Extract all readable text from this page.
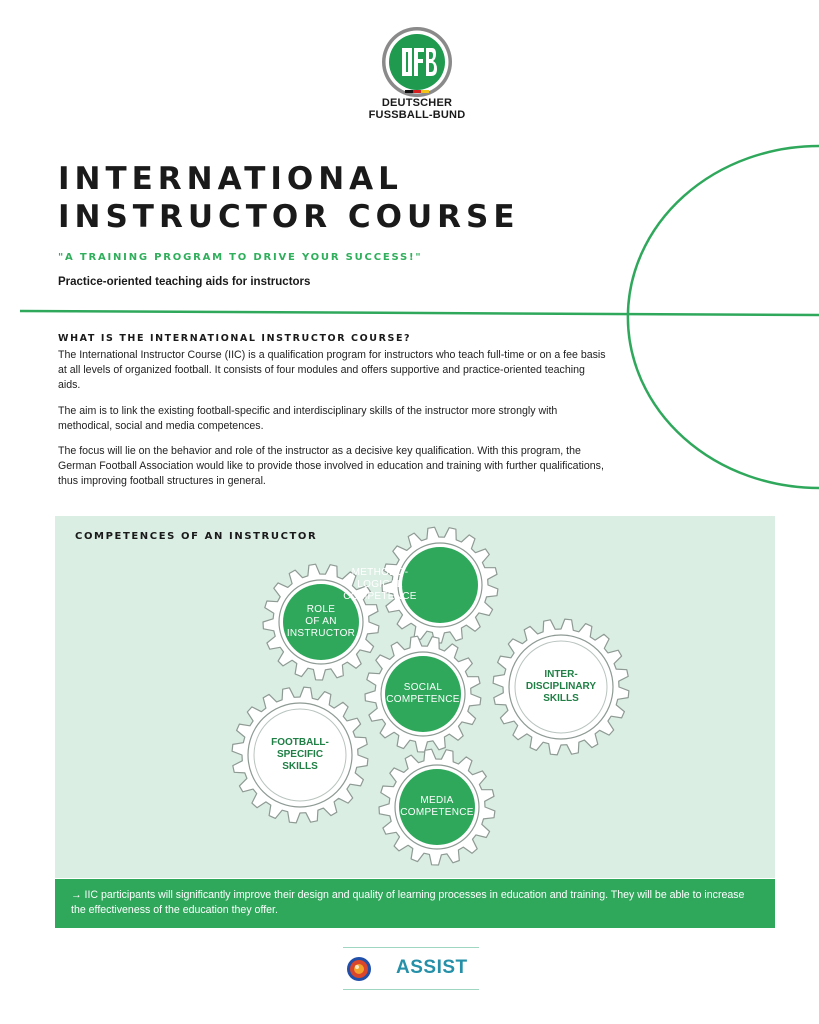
DEUTSCHER
FUSSBALL-BUND
INTERNATIONAL
INSTRUCTOR COURSE
"A TRAINING PROGRAM TO DRIVE YOUR SUCCESS!"
Practice-oriented teaching aids for instructors
WHAT IS THE INTERNATIONAL INSTRUCTOR COURSE?

The International Instructor Course (IIC) is a qualification program for instructors who teach full-time or on a fee basis at all levels of organized football. It consists of four modules and offers supportive and practice-oriented teaching aids.

The aim is to link the existing football-specific and interdisciplinary skills of the instructor more strongly with methodical, social and media competences.

The focus will lie on the behavior and role of the instructor as a decisive key qualification. With this program, the German Football Association would like to provide those involved in education and training with further qualifications, thus improving football structures in general.

COMPETENCES OF AN INSTRUCTOR
METHODO-
LOGICAL
COMPETENCE
ROLE
OF AN
INSTRUCTOR
SOCIAL
COMPETENCE
INTER-
DISCIPLINARY
SKILLS
FOOTBALL-
SPECIFIC
SKILLS
MEDIA
COMPETENCE
→ IIC participants will significantly improve their design and quality of learning processes in education and training. They will be able to increase the effectiveness of the education they offer.
ASSIST
